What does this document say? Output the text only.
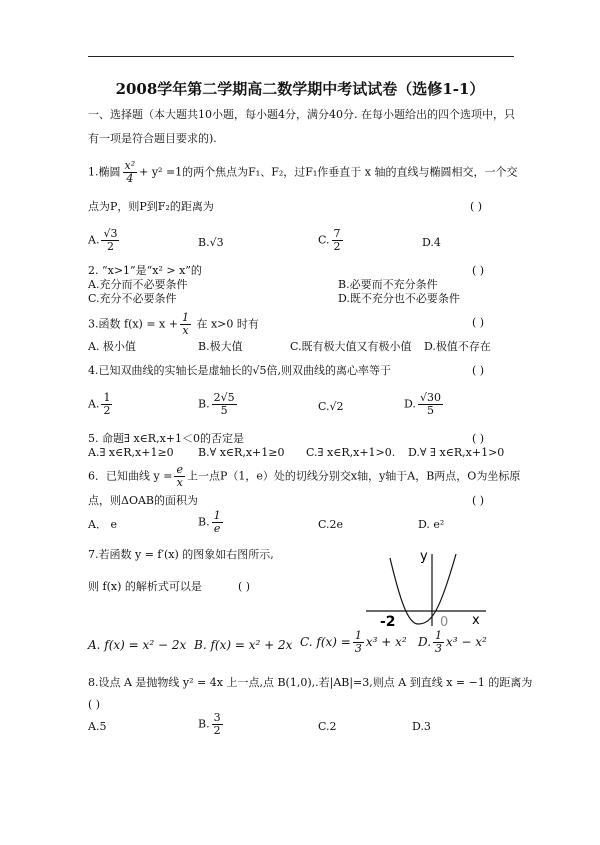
2008学年第二学期高二数学期中考试试卷（选修1-1）
一、选择题（本大题共10小题，每小题4分，满分40分. 在每小题给出的四个选项中，只
有一项是符合题目要求的).
1.椭圆 $\frac{\text{x²}}{4} + y^2 =1$的两个焦点为F₁、F₂，过F₁作垂直于 x 轴的直线与椭圆相交，一个交
点为P，则P到F₂的距离为	( )
A. $\frac{√3}{2}$	B.√3	C. $\frac{7}{2}$	D.4
2. “x>1”是“x² > x”的	( )
A.充分而不必要条件	B.必要而不充分条件
C.充分不必要条件	D.既不充分也不必要条件
3.函数 $f(x) = x + \frac{1}{x}$ 在 x>0 时有	( )
A. 极小值	B.极大值	C.既有极大值又有极小值 D.极值不存在
4.已知双曲线的实轴长是虚轴长的√5倍,则双曲线的离心率等于	( )
A. $\frac{1}{2}$	B. $\frac{2√5}{5}$	C.√2	D. $\frac{√30}{5}$
5. 命题∃ x∈R,x+1＜0的否定是	( )
A.∃ x∈R,x+1≥0 B.∀ x∈R,x+1≥0 C.∃ x∈R,x+1>0. D.∀ ∃ x∈R,x+1>0
6．已知曲线 $y = \frac{e}{x}$ 上一点P（1，e）处的切线分别交x轴，y轴于A，B两点，O为坐标原
点，则ΔOAB的面积为	( )
A． e	B. $\frac{1}{e}$	C.2e	D. e²
7.若函数 y = f′(x) 的图象如右图所示,
则 f(x) 的解析式可以是	( )
y
x
-2	0
A. f(x) = x² − 2x B. f(x) = x² + 2x C. $f(x) = \frac{1}{3} x^3 + x^2$ D. $\frac{1}{3} x^3 - x^2$
8.设点 A 是抛物线 y² = 4x 上一点,点 B(1,0),.若|AB|=3,则点 A 到直线 x = −1 的距离为
( )
A.5	B. $\frac{3}{2}$	C.2	D.3
